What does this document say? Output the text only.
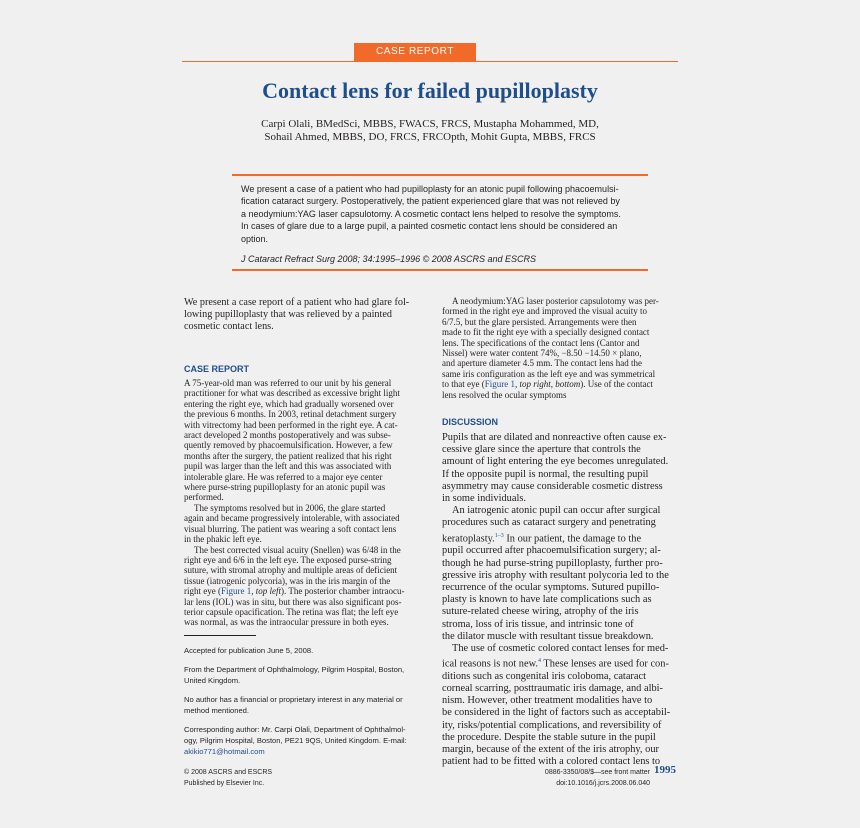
CASE REPORT
Contact lens for failed pupilloplasty
Carpi Olali, BMedSci, MBBS, FWACS, FRCS, Mustapha Mohammed, MD,
Sohail Ahmed, MBBS, DO, FRCS, FRCOpth, Mohit Gupta, MBBS, FRCS
We present a case of a patient who had pupilloplasty for an atonic pupil following phacoemulsi-
fication cataract surgery. Postoperatively, the patient experienced glare that was not relieved by
a neodymium:YAG laser capsulotomy. A cosmetic contact lens helped to resolve the symptoms.
In cases of glare due to a large pupil, a painted cosmetic contact lens should be considered an
option.
J Cataract Refract Surg 2008; 34:1995–1996 © 2008 ASCRS and ESCRS
We present a case report of a patient who had glare fol-
lowing pupilloplasty that was relieved by a painted
cosmetic contact lens.
CASE REPORT
A 75-year-old man was referred to our unit by his general
practitioner for what was described as excessive bright light
entering the right eye, which had gradually worsened over
the previous 6 months. In 2003, retinal detachment surgery
with vitrectomy had been performed in the right eye. A cat-
aract developed 2 months postoperatively and was subse-
quently removed by phacoemulsification. However, a few
months after the surgery, the patient realized that his right
pupil was larger than the left and this was associated with
intolerable glare. He was referred to a major eye center
where purse-string pupilloplasty for an atonic pupil was
performed.
The symptoms resolved but in 2006, the glare started
again and became progressively intolerable, with associated
visual blurring. The patient was wearing a soft contact lens
in the phakic left eye.
The best corrected visual acuity (Snellen) was 6/48 in the
right eye and 6/6 in the left eye. The exposed purse-string
suture, with stromal atrophy and multiple areas of deficient
tissue (iatrogenic polycoria), was in the iris margin of the
right eye (Figure 1, top left). The posterior chamber intraocu-
lar lens (IOL) was in situ, but there was also significant pos-
terior capsule opacification. The retina was flat; the left eye
was normal, as was the intraocular pressure in both eyes.
Accepted for publication June 5, 2008.
From the Department of Ophthalmology, Pilgrim Hospital, Boston,
United Kingdom.
No author has a financial or proprietary interest in any material or
method mentioned.
Corresponding author: Mr. Carpi Olali, Department of Ophthalmol-
ogy, Pilgrim Hospital, Boston, PE21 9QS, United Kingdom. E-mail:
akikio771@hotmail.com
A neodymium:YAG laser posterior capsulotomy was per-
formed in the right eye and improved the visual acuity to
6/7.5, but the glare persisted. Arrangements were then
made to fit the right eye with a specially designed contact
lens. The specifications of the contact lens (Cantor and
Nissel) were water content 74%, −8.50 −14.50 × plano,
and aperture diameter 4.5 mm. The contact lens had the
same iris configuration as the left eye and was symmetrical
to that eye (Figure 1, top right, bottom). Use of the contact
lens resolved the ocular symptoms
DISCUSSION
Pupils that are dilated and nonreactive often cause ex-
cessive glare since the aperture that controls the
amount of light entering the eye becomes unregulated.
If the opposite pupil is normal, the resulting pupil
asymmetry may cause considerable cosmetic distress
in some individuals.
An iatrogenic atonic pupil can occur after surgical
procedures such as cataract surgery and penetrating
keratoplasty.$^{1-3}$ In our patient, the damage to the
pupil occurred after phacoemulsification surgery; al-
though he had purse-string pupilloplasty, further pro-
gressive iris atrophy with resultant polycoria led to the
recurrence of the ocular symptoms. Sutured pupillo-
plasty is known to have late complications such as
suture-related cheese wiring, atrophy of the iris
stroma, loss of iris tissue, and intrinsic tone of
the dilator muscle with resultant tissue breakdown.
The use of cosmetic colored contact lenses for med-
ical reasons is not new.$^4$ These lenses are used for con-
ditions such as congenital iris coloboma, cataract
corneal scarring, posttraumatic iris damage, and albi-
nism. However, other treatment modalities have to
be considered in the light of factors such as acceptabil-
ity, risks/potential complications, and reversibility of
the procedure. Despite the stable suture in the pupil
margin, because of the extent of the iris atrophy, our
patient had to be fitted with a colored contact lens to
© 2008 ASCRS and ESCRS
Published by Elsevier Inc.
0886-3350/08/$—see front matter
doi:10.1016/j.jcrs.2008.06.040
1995
